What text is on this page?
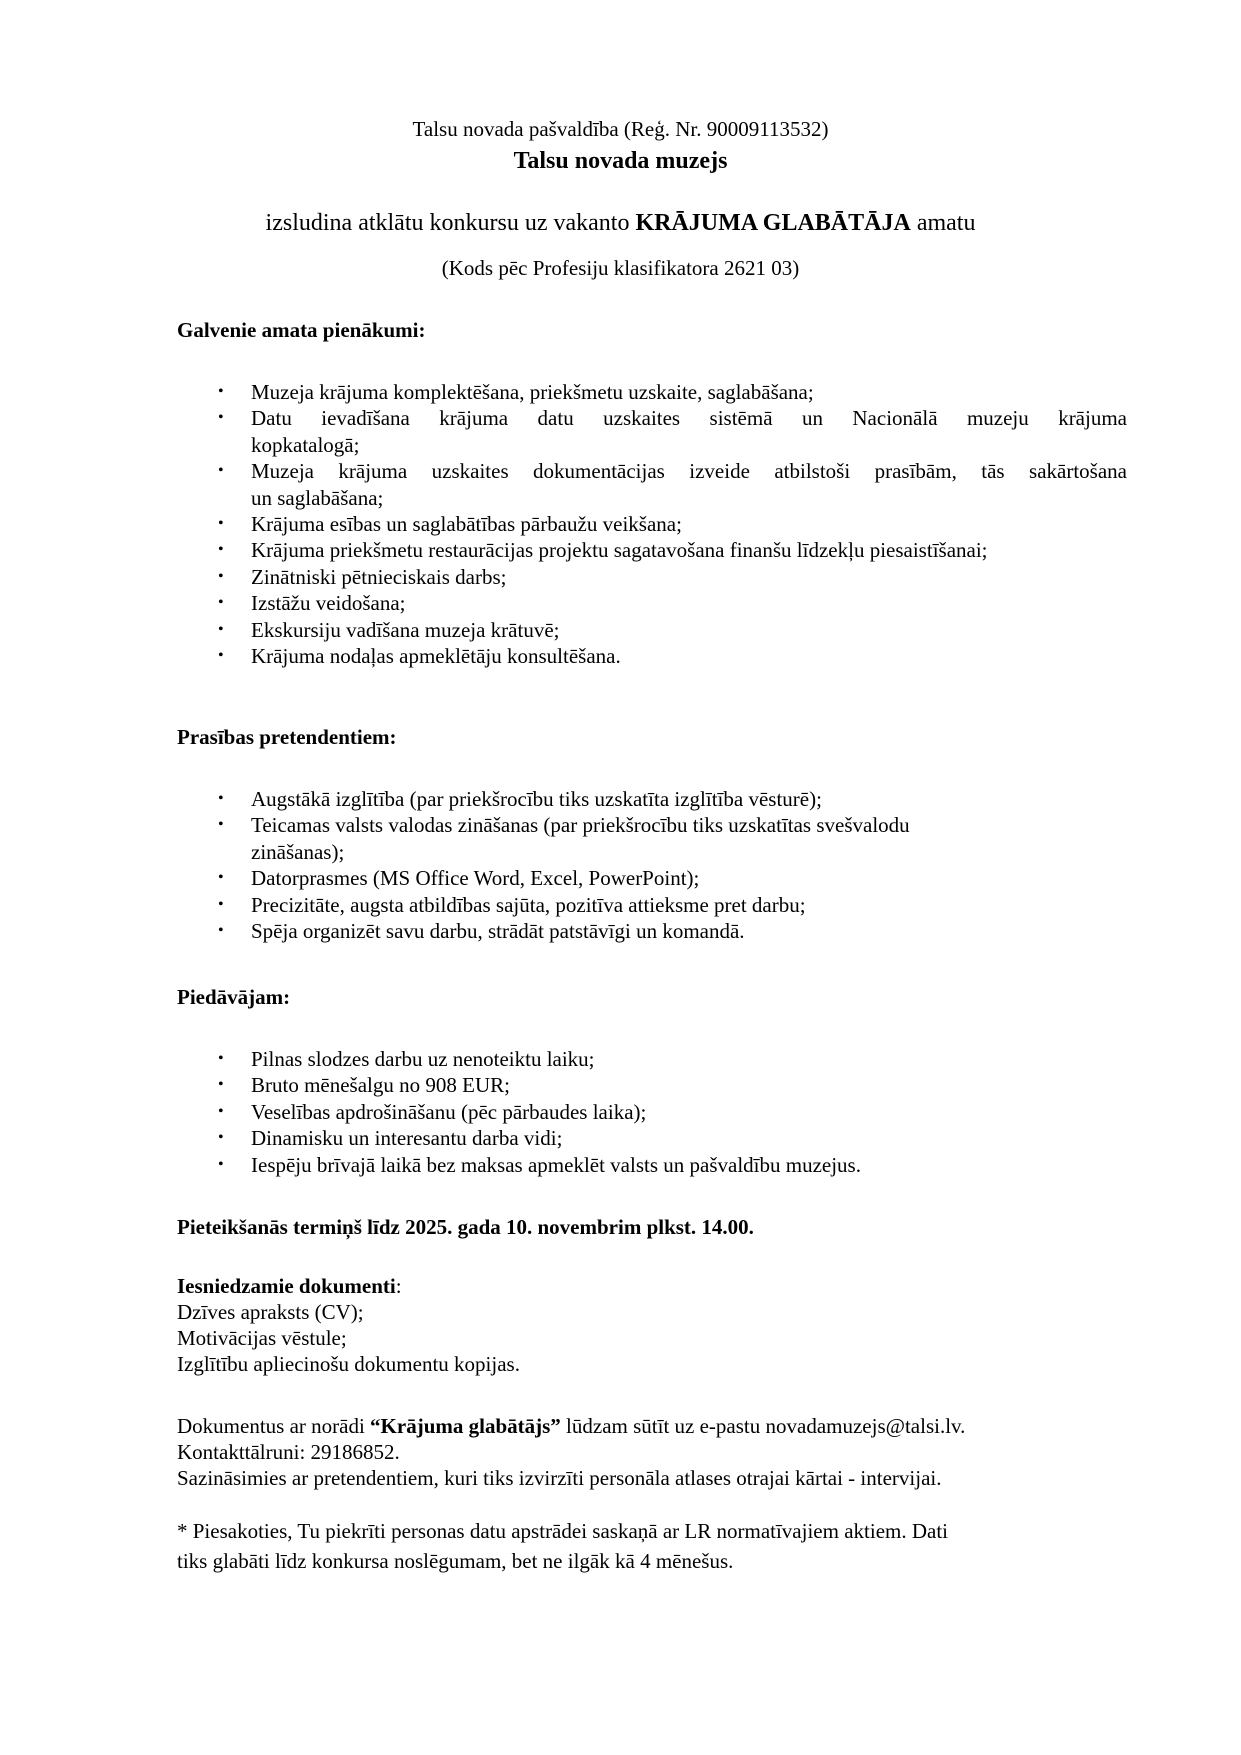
Talsu novada pašvaldība (Reģ. Nr. 90009113532)
Talsu novada muzejs
izsludina atklātu konkursu uz vakanto KRĀJUMA GLABĀTĀJA amatu
(Kods pēc Profesiju klasifikatora 2621 03)
Galvenie amata pienākumi:
• Muzeja krājuma komplektēšana, priekšmetu uzskaite, saglabāšana;
• Datu ievadīšana krājuma datu uzskaites sistēmā un Nacionālā muzeju krājuma
kopkatalogā;
• Muzeja krājuma uzskaites dokumentācijas izveide atbilstoši prasībām, tās sakārtošana
un saglabāšana;
• Krājuma esības un saglabātības pārbaužu veikšana;
• Krājuma priekšmetu restaurācijas projektu sagatavošana finanšu līdzekļu piesaistīšanai;
• Zinātniski pētnieciskais darbs;
• Izstāžu veidošana;
• Ekskursiju vadīšana muzeja krātuvē;
• Krājuma nodaļas apmeklētāju konsultēšana.
Prasības pretendentiem:
• Augstākā izglītība (par priekšrocību tiks uzskatīta izglītība vēsturē);
• Teicamas valsts valodas zināšanas (par priekšrocību tiks uzskatītas svešvalodu
zināšanas);
• Datorprasmes (MS Office Word, Excel, PowerPoint);
• Precizitāte, augsta atbildības sajūta, pozitīva attieksme pret darbu;
• Spēja organizēt savu darbu, strādāt patstāvīgi un komandā.
Piedāvājam:
• Pilnas slodzes darbu uz nenoteiktu laiku;
• Bruto mēnešalgu no 908 EUR;
• Veselības apdrošināšanu (pēc pārbaudes laika);
• Dinamisku un interesantu darba vidi;
• Iespēju brīvajā laikā bez maksas apmeklēt valsts un pašvaldību muzejus.
Pieteikšanās termiņš līdz 2025. gada 10. novembrim plkst. 14.00.
Iesniedzamie dokumenti:
Dzīves apraksts (CV);
Motivācijas vēstule;
Izglītību apliecinošu dokumentu kopijas.
Dokumentus ar norādi “Krājuma glabātājs” lūdzam sūtīt uz e-pastu novadamuzejs@talsi.lv.
Kontakttālruni: 29186852.
Sazināsimies ar pretendentiem, kuri tiks izvirzīti personāla atlases otrajai kārtai - intervijai.
* Piesakoties, Tu piekrīti personas datu apstrādei saskaņā ar LR normatīvajiem aktiem. Dati
tiks glabāti līdz konkursa noslēgumam, bet ne ilgāk kā 4 mēnešus.
